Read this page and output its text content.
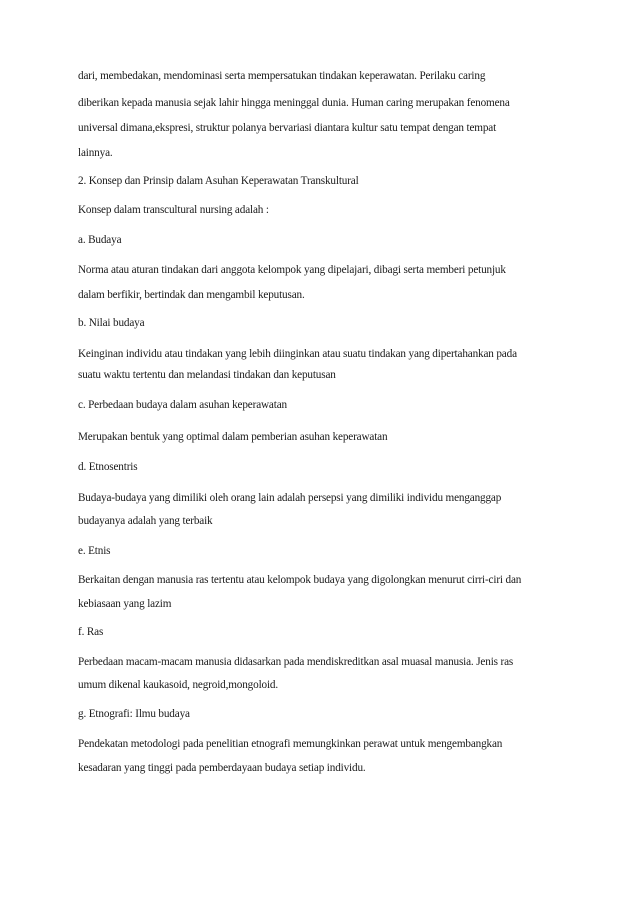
dari, membedakan, mendominasi serta mempersatukan tindakan keperawatan. Perilaku caring
diberikan kepada manusia sejak lahir hingga meninggal dunia. Human caring merupakan fenomena
universal dimana,ekspresi, struktur polanya bervariasi diantara kultur satu tempat dengan tempat
lainnya.
2. Konsep dan Prinsip dalam Asuhan Keperawatan Transkultural
Konsep dalam transcultural nursing adalah :
a. Budaya
Norma atau aturan tindakan dari anggota kelompok yang dipelajari, dibagi serta memberi petunjuk
dalam berfikir, bertindak dan mengambil keputusan.
b. Nilai budaya
Keinginan individu atau tindakan yang lebih diinginkan atau suatu tindakan yang dipertahankan pada
suatu waktu tertentu dan melandasi tindakan dan keputusan
c. Perbedaan budaya dalam asuhan keperawatan
Merupakan bentuk yang optimal dalam pemberian asuhan keperawatan
d. Etnosentris
Budaya-budaya yang dimiliki oleh orang lain adalah persepsi yang dimiliki individu menganggap
budayanya adalah yang terbaik
e. Etnis
Berkaitan dengan manusia ras tertentu atau kelompok budaya yang digolongkan menurut cirri-ciri dan
kebiasaan yang lazim
f. Ras
Perbedaan macam-macam manusia didasarkan pada mendiskreditkan asal muasal manusia. Jenis ras
umum dikenal kaukasoid, negroid,mongoloid.
g. Etnografi: Ilmu budaya
Pendekatan metodologi pada penelitian etnografi memungkinkan perawat untuk mengembangkan
kesadaran yang tinggi pada pemberdayaan budaya setiap individu.
